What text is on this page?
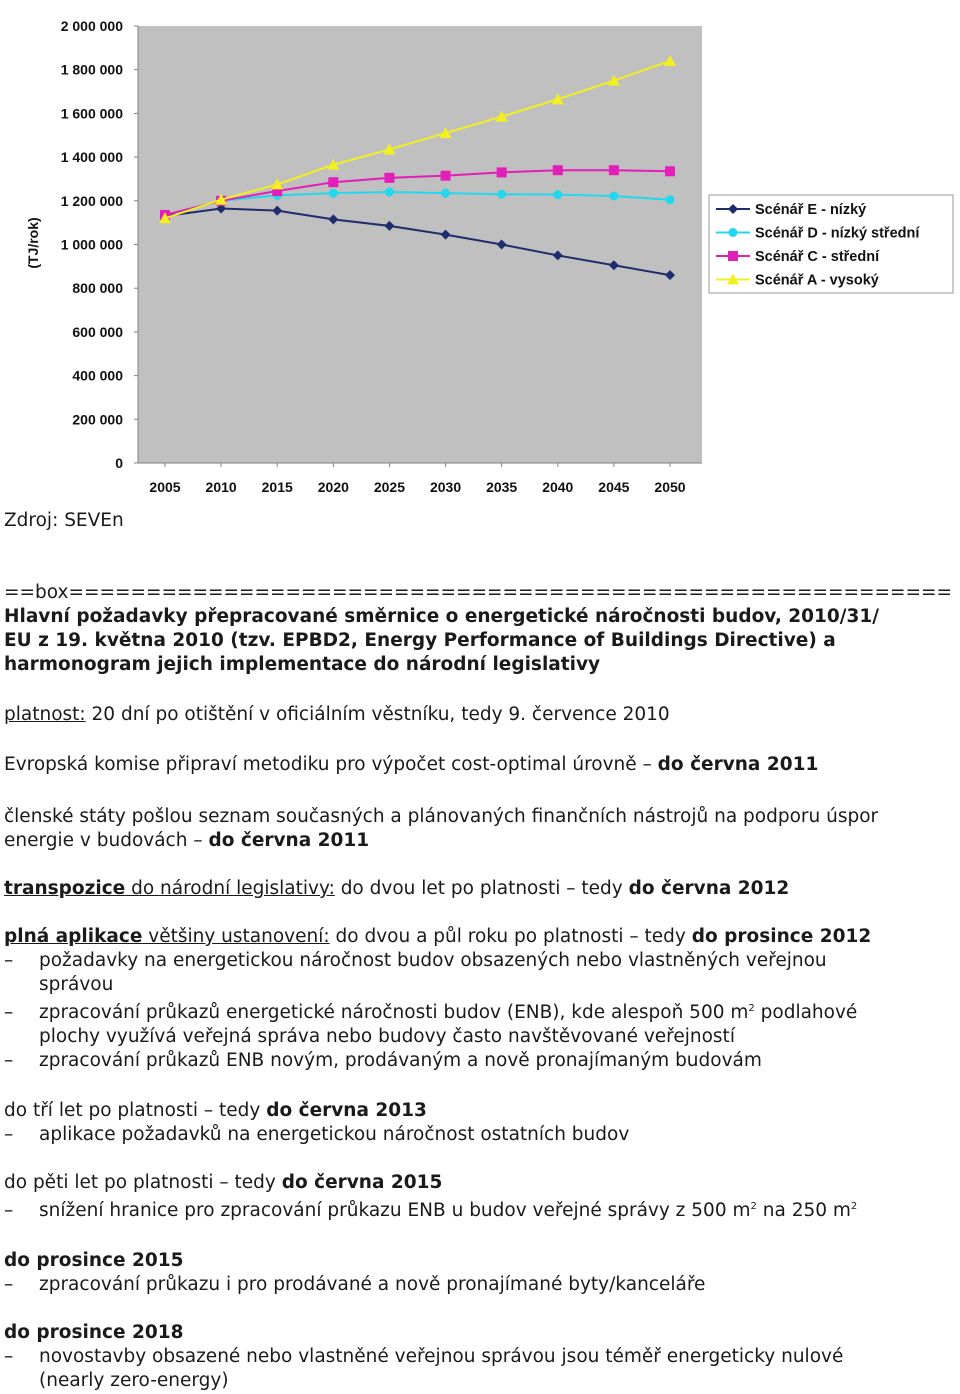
0
200 000
400 000
600 000
800 000
1 000 000
1 200 000
1 400 000
1 600 000
1 800 000
2 000 000
2005 2010 2015 2020 2025 2030 2035 2040 2045 2050
(TJ/rok)
Scénář E - nízký
Scénář D - nízký střední
Scénář C - střední
Scénář A - vysoký
Zdroj: SEVEn
==box=========================================================
Hlavní požadavky přepracované směrnice o energetické náročnosti budov, 2010/31/
EU z 19. května 2010 (tzv. EPBD2, Energy Performance of Buildings Directive) a
harmonogram jejich implementace do národní legislativy
platnost: 20 dní po otištění v oficiálním věstníku, tedy 9. července 2010
Evropská komise připraví metodiku pro výpočet cost-optimal úrovně – do června 2011
členské státy pošlou seznam současných a plánovaných finančních nástrojů na podporu úspor
energie v budovách – do června 2011
transpozice do národní legislativy: do dvou let po platnosti – tedy do června 2012
plná aplikace většiny ustanovení: do dvou a půl roku po platnosti – tedy do prosince 2012
– požadavky na energetickou náročnost budov obsazených nebo vlastněných veřejnou
správou
– zpracování průkazů energetické náročnosti budov (ENB), kde alespoň 500 $m^2$ podlahové
plochy využívá veřejná správa nebo budovy často navštěvované veřejností
– zpracování průkazů ENB novým, prodávaným a nově pronajímaným budovám
do tří let po platnosti – tedy do června 2013
– aplikace požadavků na energetickou náročnost ostatních budov
do pěti let po platnosti – tedy do června 2015
– snížení hranice pro zpracování průkazu ENB u budov veřejné správy z 500 $m^2$ na 250 $m^2$
do prosince 2015
– zpracování průkazu i pro prodávané a nově pronajímané byty/kanceláře
do prosince 2018
– novostavby obsazené nebo vlastněné veřejnou správou jsou téměř energeticky nulové
(nearly zero-energy)
